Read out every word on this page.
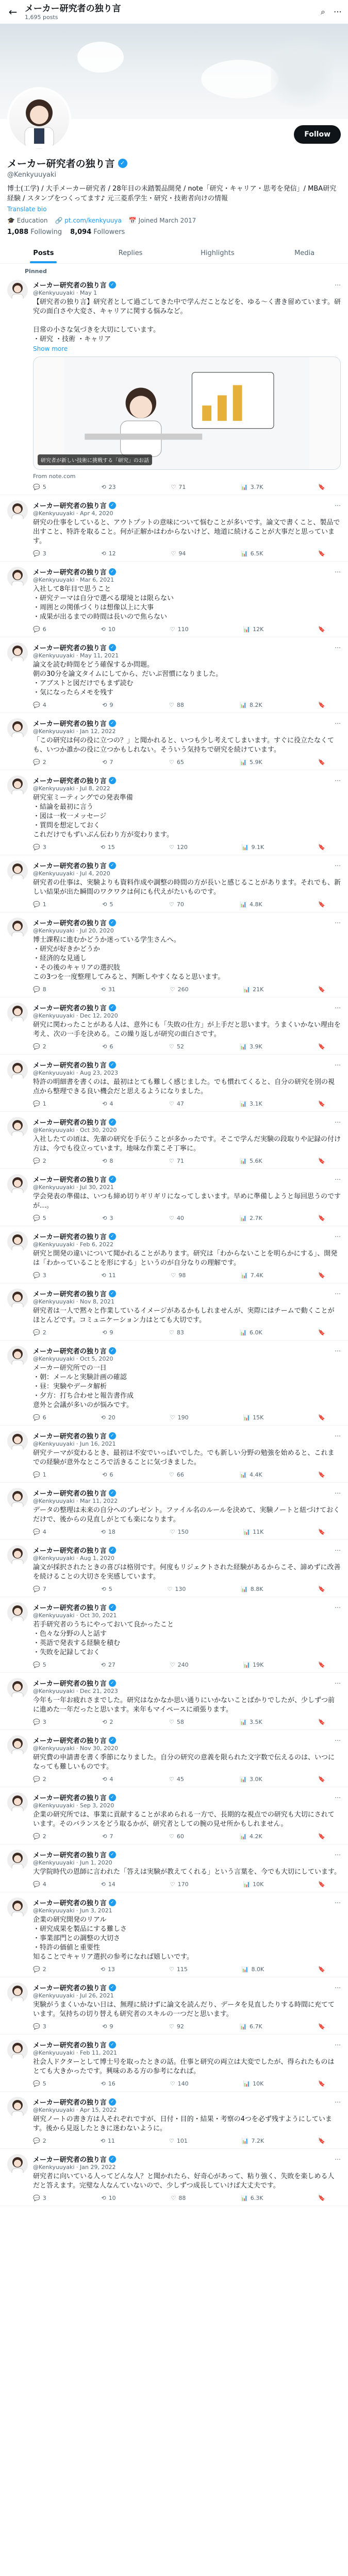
← メーカー研究者の独り言
1,695 posts
⌕ ⋯
Follow
メーカー研究者の独り言 ✓
@Kenkyuuyaki
博士(工学) / 大手メーカー研究者 / 28年目の未踏製品開発 / note「研究・キャリア・思考を発信」/ MBA研究経験 / スタンプをつくってます♪ 元三菱系学生・研究・技術者向けの情報
Translate bio
🎓 Education 🔗 pt.com/kenkyuuya 📅 Joined March 2017
1,088 Following 8,094 Followers
Posts	Replies	Highlights	Media
Pinned
メーカー研究者の独り言 ✓	⋯
@Kenkyuuyaki · May 1
【研究者の独り言】研究者として過ごしてきた中で学んだことなどを、ゆる〜く書き留めています。研究の面白さや大変さ、キャリアに関する悩みなど。

日常の小さな気づきを大切にしています。
・研究 ・技術 ・キャリア
Show more
研究者が新しい技術に挑戦する「研究」のお話
From note.com
💬 5	⟲ 23	♡ 71	📊 3.7K	🔖
メーカー研究者の独り言 ✓	⋯
@Kenkyuuyaki · Apr 4, 2020
研究の仕事をしていると、アウトプットの意味について悩むことが多いです。論文で書くこと、製品で出すこと、特許を取ること。何が正解かはわからないけど、地道に続けることが大事だと思っています。
💬 3	⟲ 12	♡ 94	📊 6.5K	🔖
メーカー研究者の独り言 ✓	⋯
@Kenkyuuyaki · Mar 6, 2021
入社して8年目で思うこと
・研究テーマは自分で選べる環境とは限らない
・周囲との関係づくりは想像以上に大事
・成果が出るまでの時間は長いので焦らない
💬 6	⟲ 10	♡ 110	📊 12K	🔖
メーカー研究者の独り言 ✓	⋯
@Kenkyuuyaki · May 11, 2021
論文を読む時間をどう確保するか問題。
朝の30分を論文タイムにしてから、だいぶ習慣になりました。
・アブストと図だけでもまず読む
・気になったらメモを残す
💬 4	⟲ 9	♡ 88	📊 8.2K	🔖
メーカー研究者の独り言 ✓	⋯
@Kenkyuuyaki · Jan 12, 2022
「この研究は何の役に立つの？」と聞かれると、いつも少し考えてしまいます。すぐに役立たなくても、いつか誰かの役に立つかもしれない。そういう気持ちで研究を続けています。
💬 2	⟲ 7	♡ 65	📊 5.9K	🔖
メーカー研究者の独り言 ✓	⋯
@Kenkyuuyaki · Jul 8, 2022
研究室ミーティングでの発表準備
・結論を最初に言う
・図は一枚一メッセージ
・質問を想定しておく
これだけでもずいぶん伝わり方が変わります。
💬 3	⟲ 15	♡ 120	📊 9.1K	🔖
メーカー研究者の独り言 ✓	⋯
@Kenkyuuyaki · Jul 4, 2020
研究者の仕事は、実験よりも資料作成や調整の時間の方が長いと感じることがあります。それでも、新しい結果が出た瞬間のワクワクは何にも代えがたいものです。
💬 1	⟲ 5	♡ 70	📊 4.8K	🔖
メーカー研究者の独り言 ✓	⋯
@Kenkyuuyaki · Jul 20, 2020
博士課程に進むかどうか迷っている学生さんへ。
・研究が好きかどうか
・経済的な見通し
・その後のキャリアの選択肢
この3つを一度整理してみると、判断しやすくなると思います。
💬 8	⟲ 31	♡ 260	📊 21K	🔖
メーカー研究者の独り言 ✓	⋯
@Kenkyuuyaki · Dec 12, 2020
研究に関わったことがある人は、意外にも「失敗の仕方」が上手だと思います。うまくいかない理由を考え、次の一手を決める。この繰り返しが研究の面白さです。
💬 2	⟲ 6	♡ 52	📊 3.9K	🔖
メーカー研究者の独り言 ✓	⋯
@Kenkyuuyaki · Aug 23, 2023
特許の明細書を書くのは、最初はとても難しく感じました。でも慣れてくると、自分の研究を別の視点から整理できる良い機会だと思えるようになりました。
💬 1	⟲ 4	♡ 47	📊 3.1K	🔖
メーカー研究者の独り言 ✓	⋯
@Kenkyuuyaki · Oct 30, 2020
入社したての頃は、先輩の研究を手伝うことが多かったです。そこで学んだ実験の段取りや記録の付け方は、今でも役立っています。地味な作業こそ丁寧に。
💬 2	⟲ 8	♡ 71	📊 5.6K	🔖
メーカー研究者の独り言 ✓	⋯
@Kenkyuuyaki · Jul 30, 2021
学会発表の準備は、いつも締め切りギリギリになってしまいます。早めに準備しようと毎回思うのですが…。
💬 5	⟲ 3	♡ 40	📊 2.7K	🔖
メーカー研究者の独り言 ✓	⋯
@Kenkyuuyaki · Feb 6, 2022
研究と開発の違いについて聞かれることがあります。研究は「わからないことを明らかにする」、開発は「わかっていることを形にする」というのが自分なりの理解です。
💬 3	⟲ 11	♡ 98	📊 7.4K	🔖
メーカー研究者の独り言 ✓	⋯
@Kenkyuuyaki · Nov 8, 2021
研究者は一人で黙々と作業しているイメージがあるかもしれませんが、実際にはチームで動くことがほとんどです。コミュニケーション力はとても大切です。
💬 2	⟲ 9	♡ 83	📊 6.0K	🔖
メーカー研究者の独り言 ✓	⋯
@Kenkyuuyaki · Oct 5, 2020
メーカー研究所での一日
・朝：メールと実験計画の確認
・昼：実験やデータ解析
・夕方：打ち合わせと報告書作成
意外と会議が多いのが悩みです。
💬 6	⟲ 20	♡ 190	📊 15K	🔖
メーカー研究者の独り言 ✓	⋯
@Kenkyuuyaki · Jun 16, 2021
研究テーマが変わるとき、最初は不安でいっぱいでした。でも新しい分野の勉強を始めると、これまでの経験が意外なところで活きることに気づきました。
💬 1	⟲ 6	♡ 66	📊 4.4K	🔖
メーカー研究者の独り言 ✓	⋯
@Kenkyuuyaki · Mar 11, 2022
データの整理は未来の自分へのプレゼント。ファイル名のルールを決めて、実験ノートと紐づけておくだけで、後からの見直しがとても楽になります。
💬 4	⟲ 18	♡ 150	📊 11K	🔖
メーカー研究者の独り言 ✓	⋯
@Kenkyuuyaki · Aug 1, 2020
論文が採択されたときの喜びは格別です。何度もリジェクトされた経験があるからこそ、諦めずに改善を続けることの大切さを実感しています。
💬 7	⟲ 5	♡ 130	📊 8.8K	🔖
メーカー研究者の独り言 ✓	⋯
@Kenkyuuyaki · Oct 30, 2021
若手研究者のうちにやっておいて良かったこと
・色々な分野の人と話す
・英語で発表する経験を積む
・失敗を記録しておく
💬 5	⟲ 27	♡ 240	📊 19K	🔖
メーカー研究者の独り言 ✓	⋯
@Kenkyuuyaki · Dec 21, 2023
今年も一年お疲れさまでした。研究はなかなか思い通りにいかないことばかりでしたが、少しずつ前に進めた一年だったと思います。来年もマイペースに頑張ります。
💬 3	⟲ 2	♡ 58	📊 3.5K	🔖
メーカー研究者の独り言 ✓	⋯
@Kenkyuuyaki · Nov 30, 2020
研究費の申請書を書く季節になりました。自分の研究の意義を限られた文字数で伝えるのは、いつになっても難しいものです。
💬 2	⟲ 4	♡ 45	📊 3.0K	🔖
メーカー研究者の独り言 ✓	⋯
@Kenkyuuyaki · Sep 3, 2020
企業の研究所では、事業に貢献することが求められる一方で、長期的な視点での研究も大切にされています。そのバランスをどう取るかが、研究者としての腕の見せ所かもしれません。
💬 2	⟲ 7	♡ 60	📊 4.2K	🔖
メーカー研究者の独り言 ✓	⋯
@Kenkyuuyaki · Jun 1, 2020
大学院時代の恩師に言われた「答えは実験が教えてくれる」という言葉を、今でも大切にしています。
💬 4	⟲ 14	♡ 170	📊 10K	🔖
メーカー研究者の独り言 ✓	⋯
@Kenkyuuyaki · Jun 3, 2021
企業の研究開発のリアル
・研究成果を製品にする難しさ
・事業部門との調整の大切さ
・特許の価値と重要性
知ることでキャリア選択の参考になれば嬉しいです。
💬 2	⟲ 13	♡ 115	📊 8.0K	🔖
メーカー研究者の独り言 ✓	⋯
@Kenkyuuyaki · Jul 26, 2021
実験がうまくいかない日は、無理に続けずに論文を読んだり、データを見直したりする時間に充てています。気持ちの切り替えも研究者のスキルの一つだと思います。
💬 3	⟲ 9	♡ 92	📊 6.7K	🔖
メーカー研究者の独り言 ✓	⋯
@Kenkyuuyaki · Feb 11, 2021
社会人ドクターとして博士号を取ったときの話。仕事と研究の両立は大変でしたが、得られたものはとても大きかったです。興味のある方の参考になれば。
💬 5	⟲ 16	♡ 140	📊 10K	🔖
メーカー研究者の独り言 ✓	⋯
@Kenkyuuyaki · Apr 15, 2022
研究ノートの書き方は人それぞれですが、日付・目的・結果・考察の4つを必ず残すようにしています。後から見返したときに迷わないように。
💬 2	⟲ 11	♡ 101	📊 7.2K	🔖
メーカー研究者の独り言 ✓	⋯
@Kenkyuuyaki · Jan 29, 2022
研究者に向いている人ってどんな人？と聞かれたら、好奇心があって、粘り強く、失敗を楽しめる人だと答えます。完璧な人なんていないので、少しずつ成長していけば大丈夫です。
💬 3	⟲ 10	♡ 88	📊 6.3K	🔖
